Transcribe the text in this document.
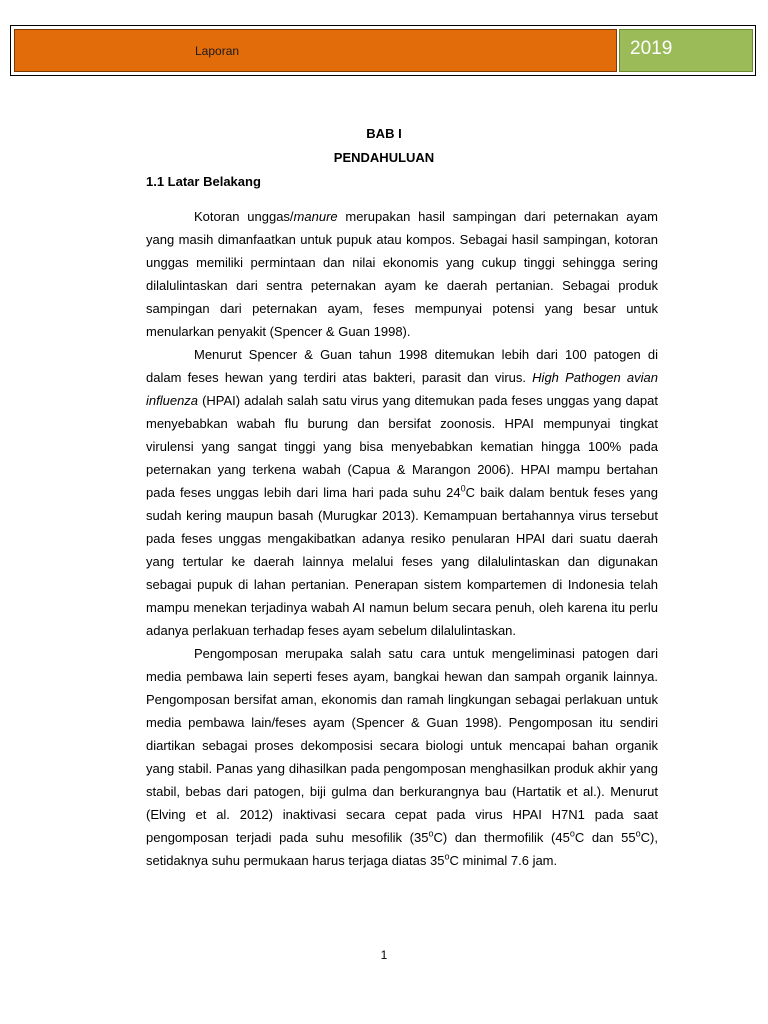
Laporan	2019
BAB I
PENDAHULUAN
1.1 Latar Belakang

Kotoran unggas/manure merupakan hasil sampingan dari peternakan ayam yang masih dimanfaatkan untuk pupuk atau kompos. Sebagai hasil sampingan, kotoran unggas memiliki permintaan dan nilai ekonomis yang cukup tinggi sehingga sering dilalulintaskan dari sentra peternakan ayam ke daerah pertanian. Sebagai produk sampingan dari peternakan ayam, feses mempunyai potensi yang besar untuk menularkan penyakit (Spencer & Guan 1998).

Menurut Spencer & Guan tahun 1998 ditemukan lebih dari 100 patogen di dalam feses hewan yang terdiri atas bakteri, parasit dan virus. High Pathogen avian influenza (HPAI) adalah salah satu virus yang ditemukan pada feses unggas yang dapat menyebabkan wabah flu burung dan bersifat zoonosis. HPAI mempunyai tingkat virulensi yang sangat tinggi yang bisa menyebabkan kematian hingga 100% pada peternakan yang terkena wabah (Capua & Marangon 2006). HPAI mampu bertahan pada feses unggas lebih dari lima hari pada suhu $24^0C$ baik dalam bentuk feses yang sudah kering maupun basah (Murugkar 2013). Kemampuan bertahannya virus tersebut pada feses unggas mengakibatkan adanya resiko penularan HPAI dari suatu daerah yang tertular ke daerah lainnya melalui feses yang dilalulintaskan dan digunakan sebagai pupuk di lahan pertanian. Penerapan sistem kompartemen di Indonesia telah mampu menekan terjadinya wabah AI namun belum secara penuh, oleh karena itu perlu adanya perlakuan terhadap feses ayam sebelum dilalulintaskan.

Pengomposan merupaka salah satu cara untuk mengeliminasi patogen dari media pembawa lain seperti feses ayam, bangkai hewan dan sampah organik lainnya. Pengomposan bersifat aman, ekonomis dan ramah lingkungan sebagai perlakuan untuk media pembawa lain/feses ayam (Spencer & Guan 1998). Pengomposan itu sendiri diartikan sebagai proses dekomposisi secara biologi untuk mencapai bahan organik yang stabil. Panas yang dihasilkan pada pengomposan menghasilkan produk akhir yang stabil, bebas dari patogen, biji gulma dan berkurangnya bau (Hartatik et al.). Menurut (Elving et al. 2012) inaktivasi secara cepat pada virus HPAI H7N1 pada saat pengomposan terjadi pada suhu mesofilik (35$^o$C) dan thermofilik (45$^o$C dan 55$^o$C), setidaknya suhu permukaan harus terjaga diatas 35$^o$C minimal 7.6 jam.

1
